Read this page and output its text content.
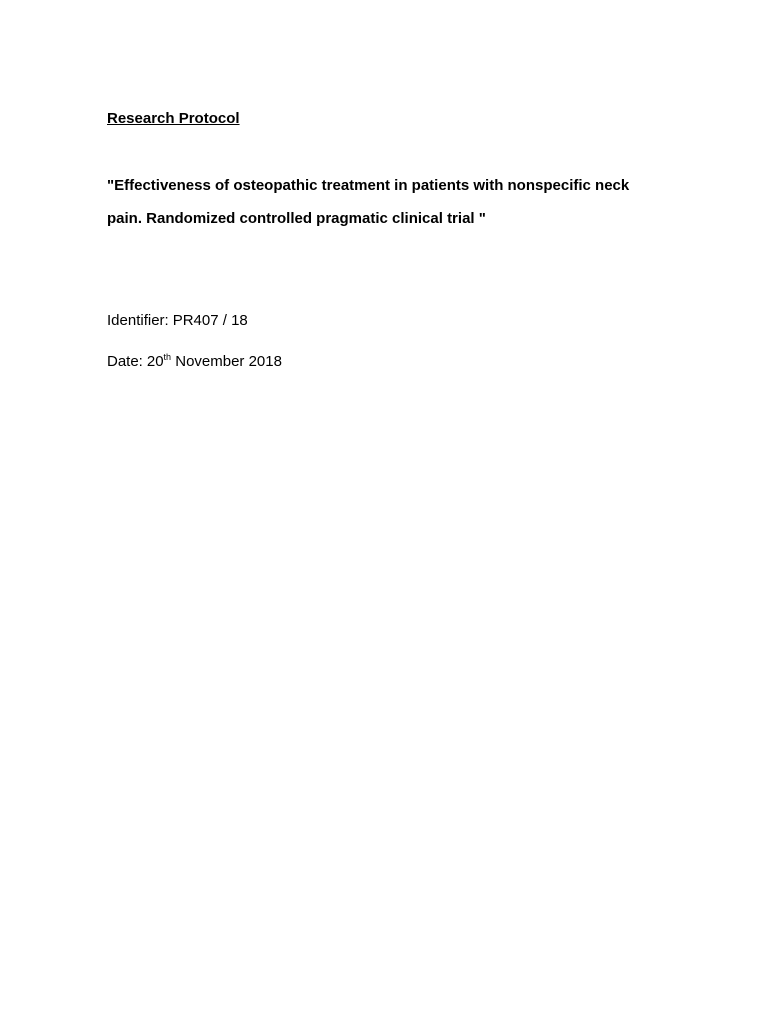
Research Protocol
"Effectiveness of osteopathic treatment in patients with nonspecific neck
pain. Randomized controlled pragmatic clinical trial "
Identifier: PR407 / 18
Date: 20th November 2018
